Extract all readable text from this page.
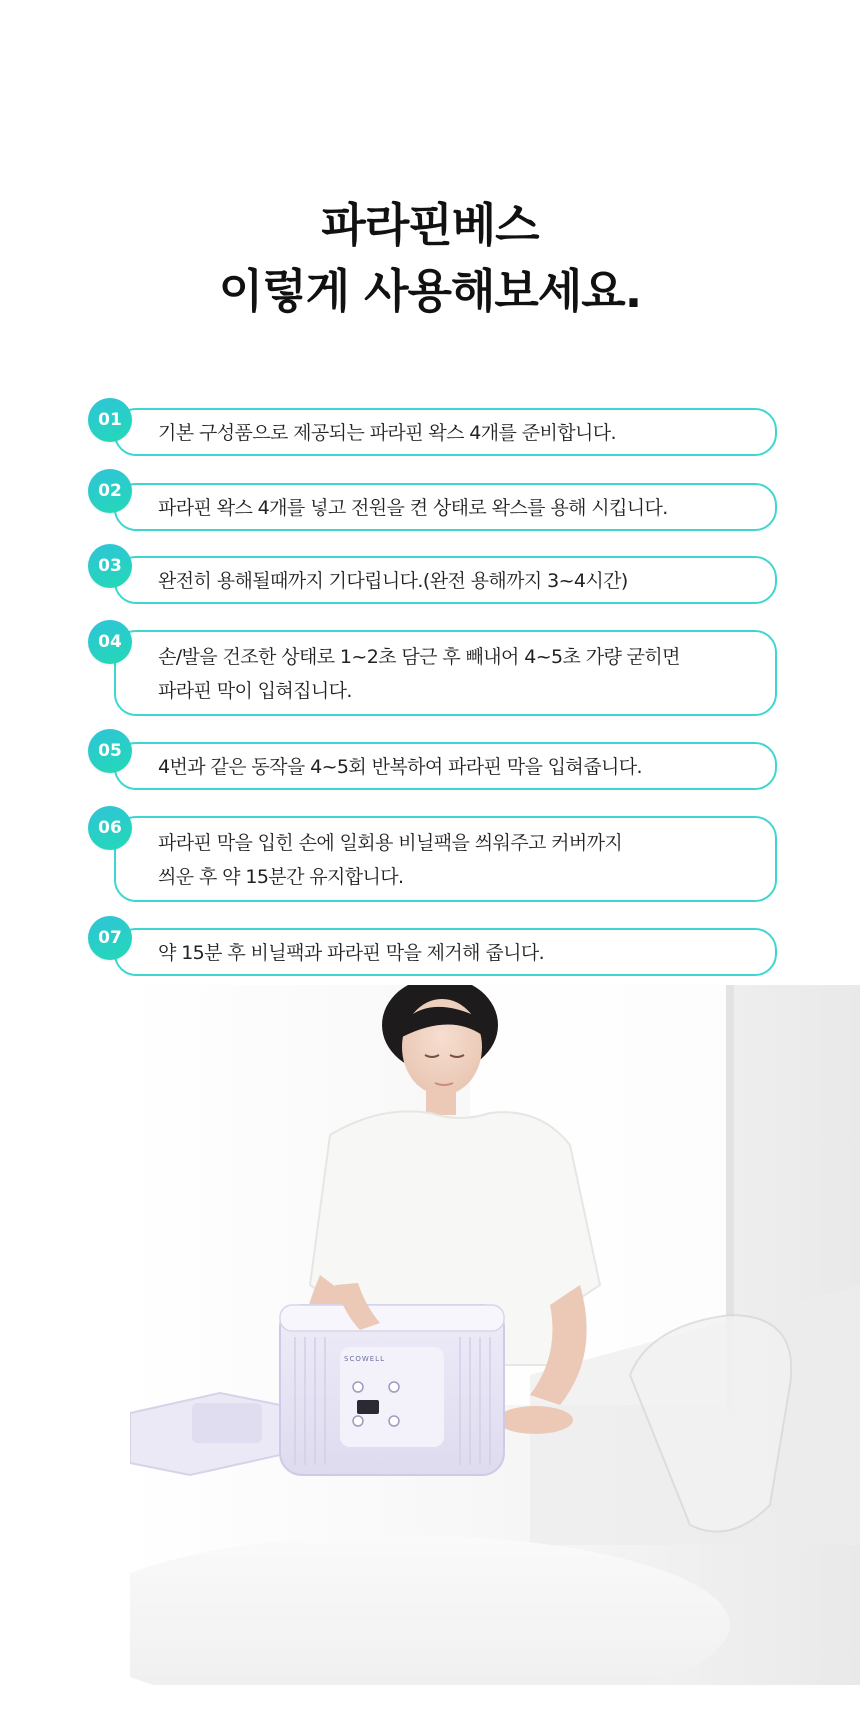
파라핀베스
이렇게 사용해보세요.
기본 구성품으로 제공되는 파라핀 왁스 4개를 준비합니다.
01
파라핀 왁스 4개를 넣고 전원을 켠 상태로 왁스를 용해 시킵니다.
02
완전히 용해될때까지 기다립니다.(완전 용해까지 3~4시간)
03
손/발을 건조한 상태로 1~2초 담근 후 빼내어 4~5초 가량 굳히면
파라핀 막이 입혀집니다.
04
4번과 같은 동작을 4~5회 반복하여 파라핀 막을 입혀줍니다.
05
파라핀 막을 입힌 손에 일회용 비닐팩을 씌워주고 커버까지
씌운 후 약 15분간 유지합니다.
06
약 15분 후 비닐팩과 파라핀 막을 제거해 줍니다.
07
SCOWELL
